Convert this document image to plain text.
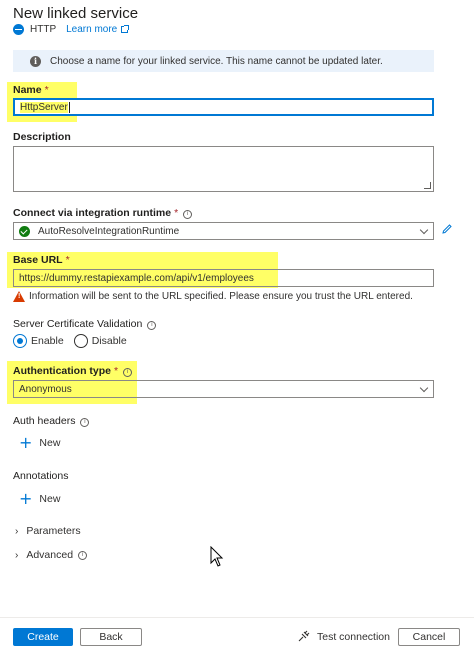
New linked service
HTTP Learn more
i	Choose a name for your linked service. This name cannot be updated later.
Name *
HttpServer
Description
Connect via integration runtime * i
AutoResolveIntegrationRuntime
Base URL *
https://dummy.restapiexample.com/api/v1/employees
! Information will be sent to the URL specified. Please ensure you trust the URL entered.
Server Certificate Validation i
Enable	Disable
Authentication type * i
Anonymous
Auth headers i
+ New
Annotations
+ New
› Parameters
› Advanced	i
Create	Back	Test connection	Cancel
